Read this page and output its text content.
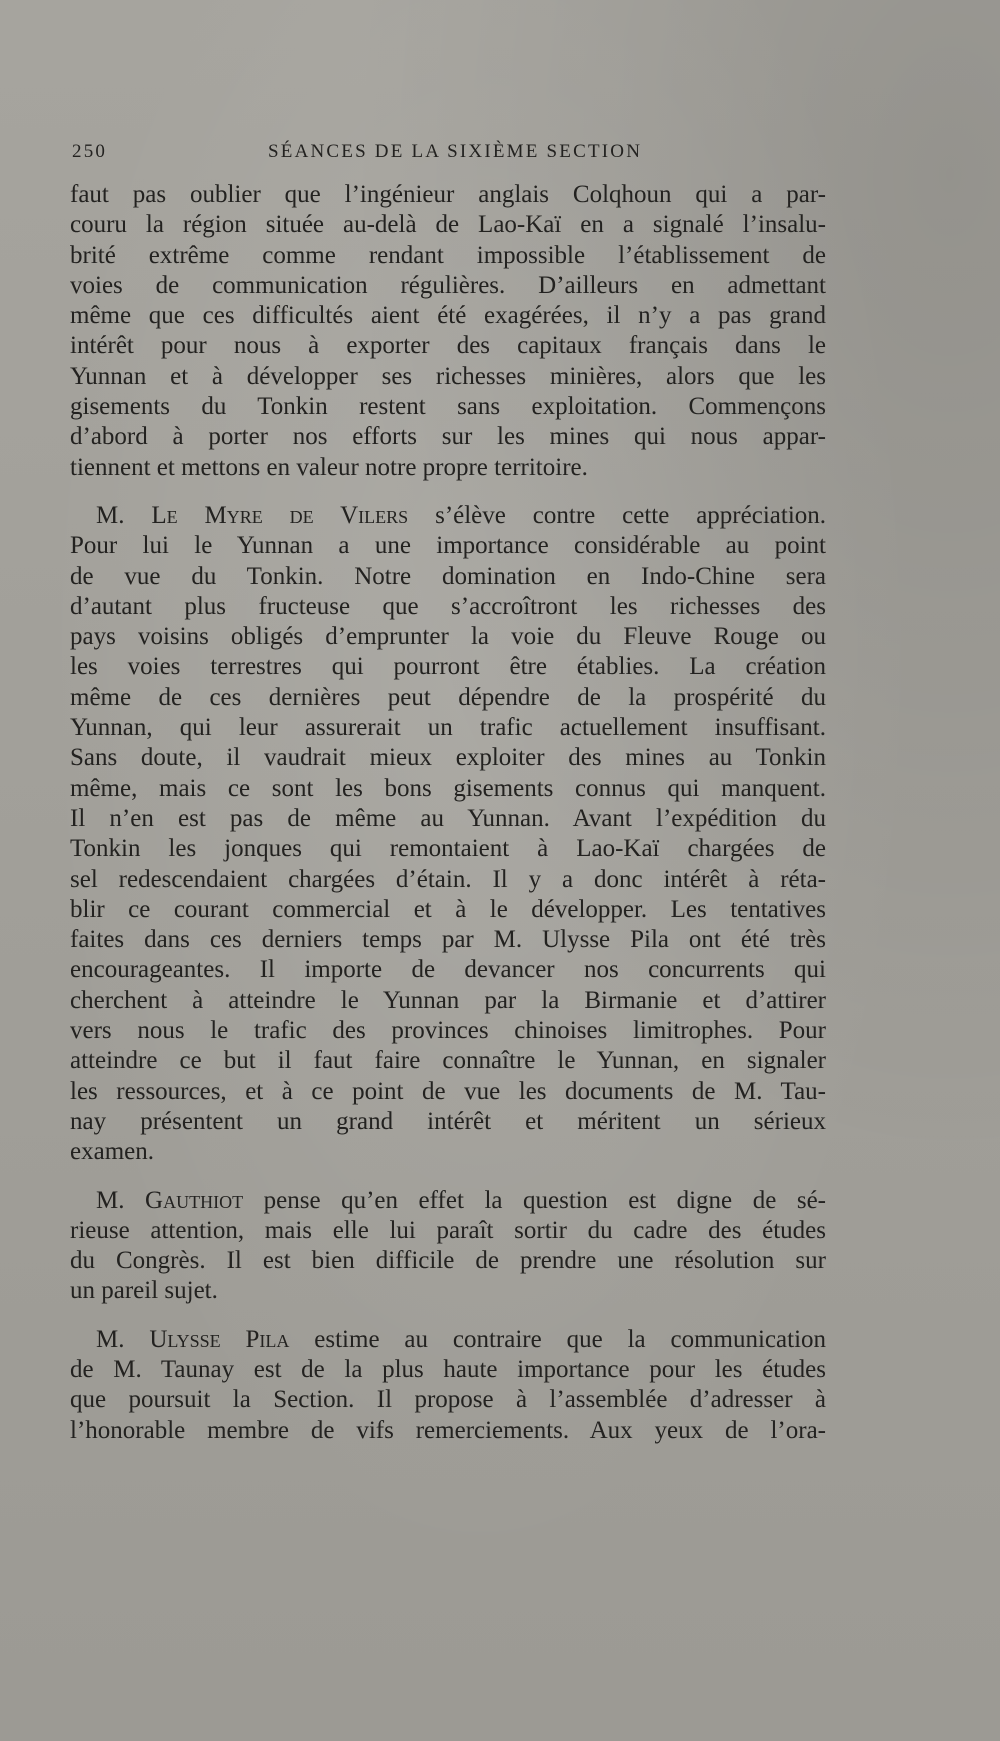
250	SÉANCES DE LA SIXIÈME SECTION
faut pas oublier que l’ingénieur anglais Colqhoun qui a par-
couru la région située au-delà de Lao-Kaï en a signalé l’insalu-
brité extrême comme rendant impossible l’établissement de
voies de communication régulières. D’ailleurs en admettant
même que ces difficultés aient été exagérées, il n’y a pas grand
intérêt pour nous à exporter des capitaux français dans le
Yunnan et à développer ses richesses minières, alors que les
gisements du Tonkin restent sans exploitation. Commençons
d’abord à porter nos efforts sur les mines qui nous appar-
tiennent et mettons en valeur notre propre territoire.
M. Le Myre de Vilers s’élève contre cette appréciation.
Pour lui le Yunnan a une importance considérable au point
de vue du Tonkin. Notre domination en Indo-Chine sera
d’autant plus fructeuse que s’accroîtront les richesses des
pays voisins obligés d’emprunter la voie du Fleuve Rouge ou
les voies terrestres qui pourront être établies. La création
même de ces dernières peut dépendre de la prospérité du
Yunnan, qui leur assurerait un trafic actuellement insuffisant.
Sans doute, il vaudrait mieux exploiter des mines au Tonkin
même, mais ce sont les bons gisements connus qui manquent.
Il n’en est pas de même au Yunnan. Avant l’expédition du
Tonkin les jonques qui remontaient à Lao-Kaï chargées de
sel redescendaient chargées d’étain. Il y a donc intérêt à réta-
blir ce courant commercial et à le développer. Les tentatives
faites dans ces derniers temps par M. Ulysse Pila ont été très
encourageantes. Il importe de devancer nos concurrents qui
cherchent à atteindre le Yunnan par la Birmanie et d’attirer
vers nous le trafic des provinces chinoises limitrophes. Pour
atteindre ce but il faut faire connaître le Yunnan, en signaler
les ressources, et à ce point de vue les documents de M. Tau-
nay présentent un grand intérêt et méritent un sérieux
examen.
M. Gauthiot pense qu’en effet la question est digne de sé-
rieuse attention, mais elle lui paraît sortir du cadre des études
du Congrès. Il est bien difficile de prendre une résolution sur
un pareil sujet.
M. Ulysse Pila estime au contraire que la communication
de M. Taunay est de la plus haute importance pour les études
que poursuit la Section. Il propose à l’assemblée d’adresser à
l’honorable membre de vifs remerciements. Aux yeux de l’ora-
